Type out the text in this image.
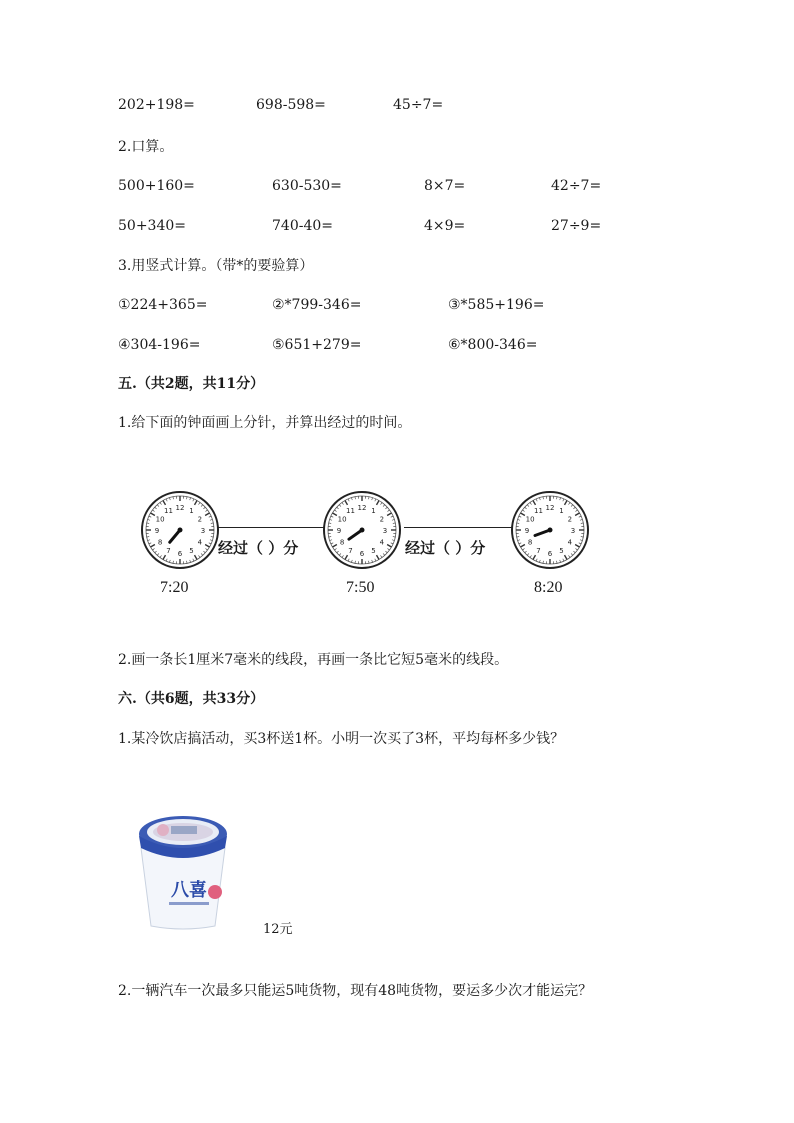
202+198=	698-598=	45÷7=
2.口算。
500+160=	630-530=	8×7=	42÷7=
50+340=	740-40=	4×9=	27÷9=
3.用竖式计算。（带*的要验算）
①224+365=	②*799-346=	③*585+196=
④304-196=	⑤651+279=	⑥*800-346=
五.（共2题，共11分）
1.给下面的钟面画上分针，并算出经过的时间。
经过（ ）分	经过（ ）分
1
2
3
4
5
6
7
8
9
10
11 12	1
2
3
4
5
6
7
8
9
10
11 12	1
2
3
4
5
6
7
8
9
10
11 12
7:20	7:50	8:20
2.画一条长1厘米7毫米的线段，再画一条比它短5毫米的线段。
六.（共6题，共33分）
1.某冷饮店搞活动，买3杯送1杯。小明一次买了3杯，平均每杯多少钱？
八喜
12元
2.一辆汽车一次最多只能运5吨货物，现有48吨货物，要运多少次才能运完？
